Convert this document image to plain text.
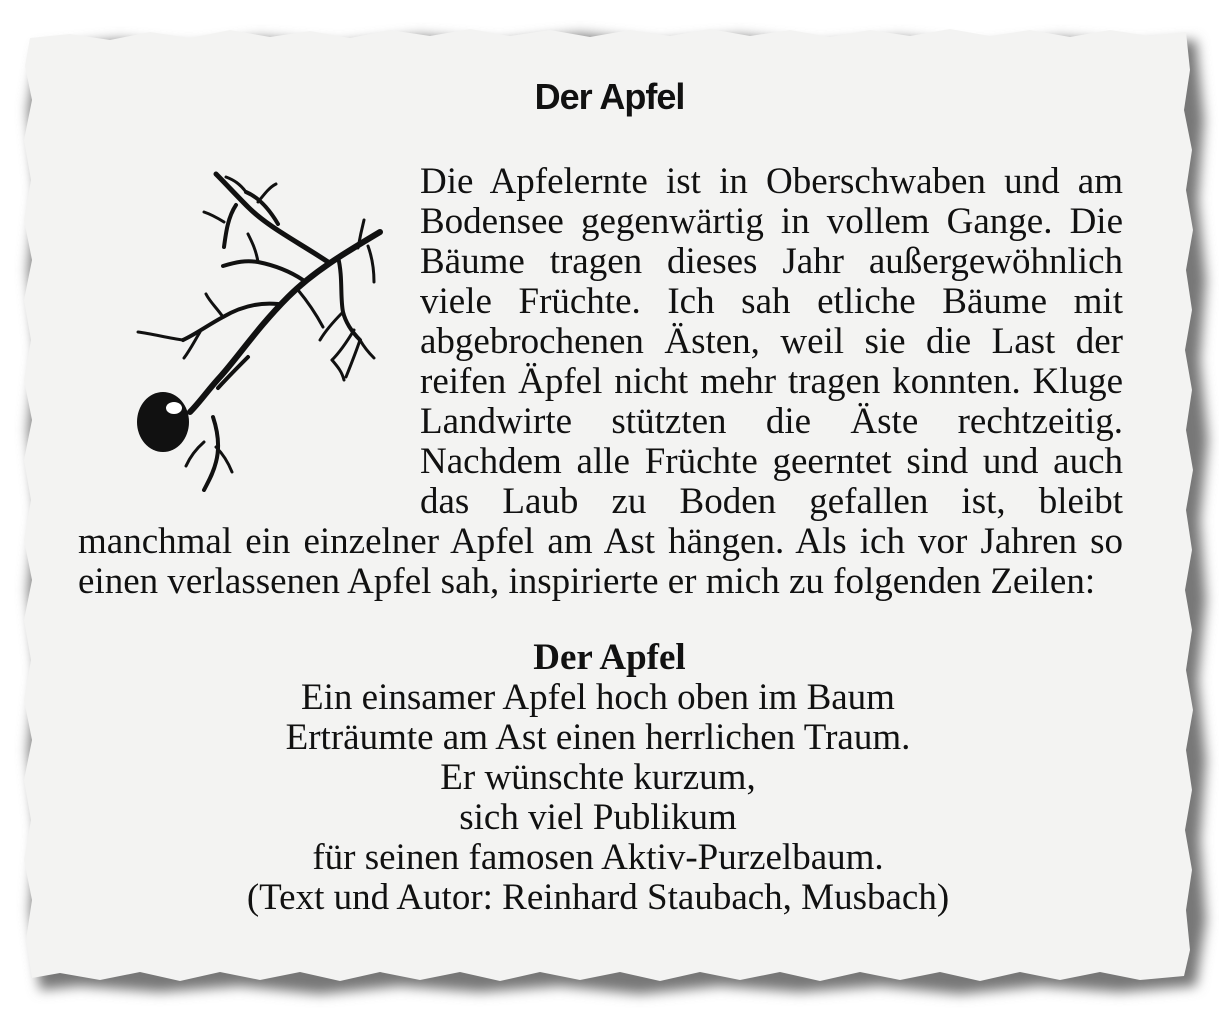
Der Apfel

Die Apfelernte ist in Oberschwaben und am

Bodensee gegenwärtig in vollem Gange. Die

Bäume tragen dieses Jahr außergewöhnlich

viele Früchte. Ich sah etliche Bäume mit

abgebrochenen Ästen, weil sie die Last der

reifen Äpfel nicht mehr tragen konnten. Kluge

Landwirte stützten die Äste rechtzeitig.

Nachdem alle Früchte geerntet sind und auch

das Laub zu Boden gefallen ist, bleibt

manchmal ein einzelner Apfel am Ast hängen. Als ich vor Jahren so

einen verlassenen Apfel sah, inspirierte er mich zu folgenden Zeilen:

Der Apfel

Ein einsamer Apfel hoch oben im Baum

Erträumte am Ast einen herrlichen Traum.

Er wünschte kurzum,

sich viel Publikum

für seinen famosen Aktiv-Purzelbaum.

(Text und Autor: Reinhard Staubach, Musbach)
